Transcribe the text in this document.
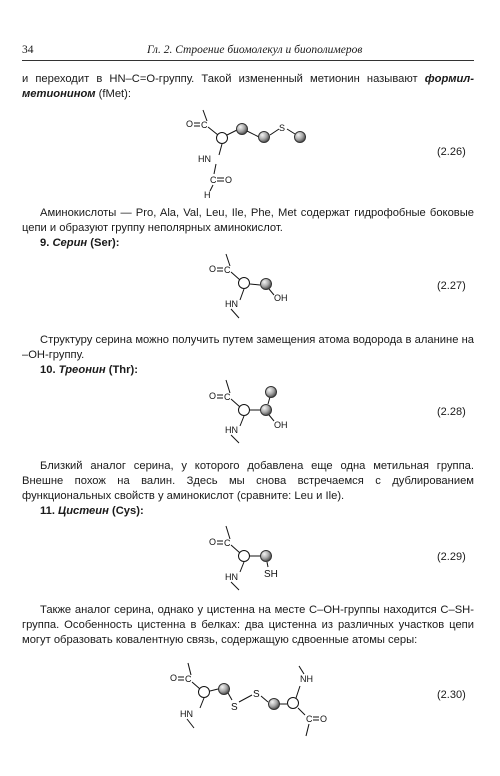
34	Гл. 2. Строение биомолекул и биополимеров
и переходит в HN–C=O-группу. Такой измененный метионин называют формил-метионином (fMet):
O C	S
HN
C O
H
(2.26)
Аминокислоты — Pro, Ala, Val, Leu, Ile, Phe, Met содержат гидрофобные боковые цепи и образуют группу неполярных аминокислот.
9. Серин (Ser):
O C
OH
HN
(2.27)
Структуру серина можно получить путем замещения атома водорода в аланине на –OH-группу.
10. Треонин (Thr):
O C
OH
HN
(2.28)
Близкий аналог серина, у которого добавлена еще одна метильная группа. Внешне похож на валин. Здесь мы снова встречаемся с дублированием функциональных свойств у аминокислот (сравните: Leu и Ile).
11. Цистеин (Cys):
O C
SH
HN
(2.29)
Также аналог серина, однако у цистенна на месте C–OH-группы находится C–SH-группа. Особенность цистенна в белках: два цистенна из различных участков цепи могут образовать ковалентную связь, содержащую сдвоенные атомы серы:
O C
S
S
NH
C O
HN
(2.30)
